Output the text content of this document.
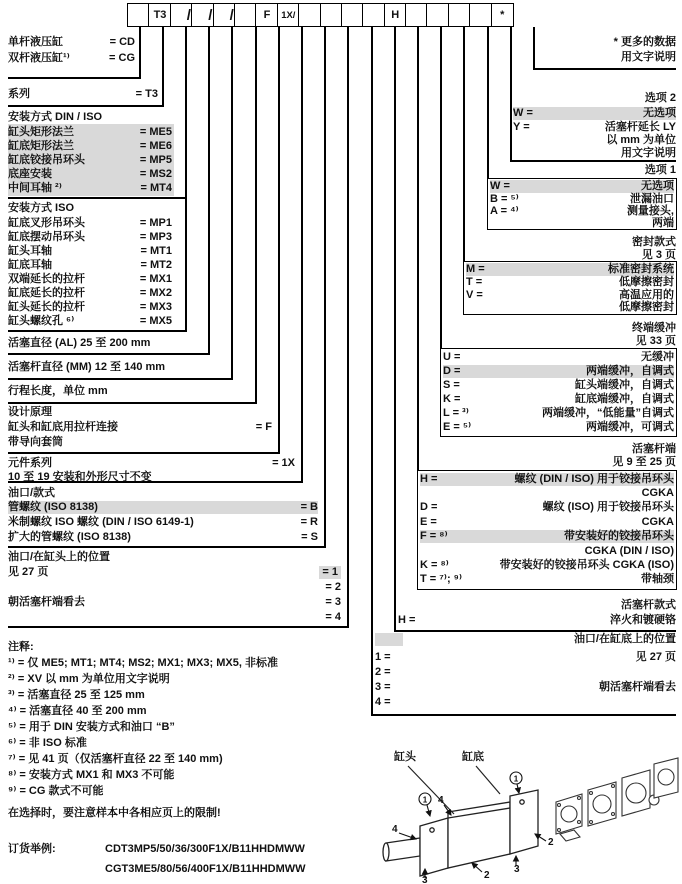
T3	/	/	/	F	1X/	H	*
单杆液压缸	= CD
双杆液压缸¹⁾	= CG
系列	= T3
安装方式 DIN / ISO
缸头矩形法兰	= ME5
缸底矩形法兰	= ME6
缸底铰接吊环头	= MP5
底座安装	= MS2
中间耳轴 ²⁾	= MT4
安装方式 ISO
缸底叉形吊环头	= MP1
缸底摆动吊环头	= MP3
缸头耳轴	= MT1
缸底耳轴	= MT2
双端延长的拉杆	= MX1
缸底延长的拉杆	= MX2
缸头延长的拉杆	= MX3
缸头螺纹孔 ⁶⁾	= MX5
活塞直径 (AL) 25 至 200 mm
活塞杆直径 (MM) 12 至 140 mm
行程长度，单位 mm
设计原理
缸头和缸底用拉杆连接	= F
带导向套筒
元件系列	= 1X
10 至 19 安装和外形尺寸不变
油口/款式
管螺纹 (ISO 8138)	= B
米制螺纹 ISO 螺纹 (DIN / ISO 6149-1)	= R
扩大的管螺纹 (ISO 8138)	= S
油口/在缸头上的位置
见 27 页	= 1
= 2
朝活塞杆端看去	= 3
= 4
* 更多的数据
用文字说明
选项 2
W =	无选项
Y =	活塞杆延长 LY
以 mm 为单位
用文字说明
选项 1
W =	无选项
B = ⁵⁾	泄漏油口
A = ⁴⁾	测量接头,
两端
密封款式
见 3 页
M =	标准密封系统
T =	低摩擦密封
V =	高温应用的
低摩擦密封
终端缓冲
见 33 页
U =	无缓冲
D =	两端缓冲，自调式
S =	缸头端缓冲，自调式
K =	缸底端缓冲，自调式
L = ³⁾	两端缓冲，“低能量”自调式
E = ⁵⁾	两端缓冲，可调式
活塞杆端
见 9 至 25 页
H =	螺纹 (DIN / ISO) 用于铰接吊环头
CGKA
D =	螺纹 (ISO) 用于铰接吊环头
E =	CGKA
F = ⁸⁾	带安装好的铰接吊环头
CGKA (DIN / ISO)
K = ⁸⁾	带安装好的铰接吊环头 CGKA (ISO)
T = ⁷⁾; ⁹⁾	带轴颈
活塞杆款式
H =	淬火和镀硬铬
油口/在缸底上的位置
1 =	见 27 页
2 =
3 =	朝活塞杆端看去
4 =
注释:
¹⁾ = 仅 ME5; MT1; MT4; MS2; MX1; MX3; MX5, 非标准
²⁾ = XV 以 mm 为单位用文字说明
³⁾ = 活塞直径 25 至 125 mm
⁴⁾ = 活塞直径 40 至 200 mm
⁵⁾ = 用于 DIN 安装方式和油口 “B”
⁶⁾ = 非 ISO 标准
⁷⁾ = 见 41 页（仅活塞杆直径 22 至 140 mm)
⁸⁾ = 安装方式 MX1 和 MX3 不可能
⁹⁾ = CG 款式不可能
在选择时，要注意样本中各相应页上的限制!
订货举例:	CDT3MP5/50/36/300F1X/B11HHDMWW
CGT3ME5/80/56/400F1X/B11HHDMWW
缸头	缸底
1
1
4
4
2
2
3
3
